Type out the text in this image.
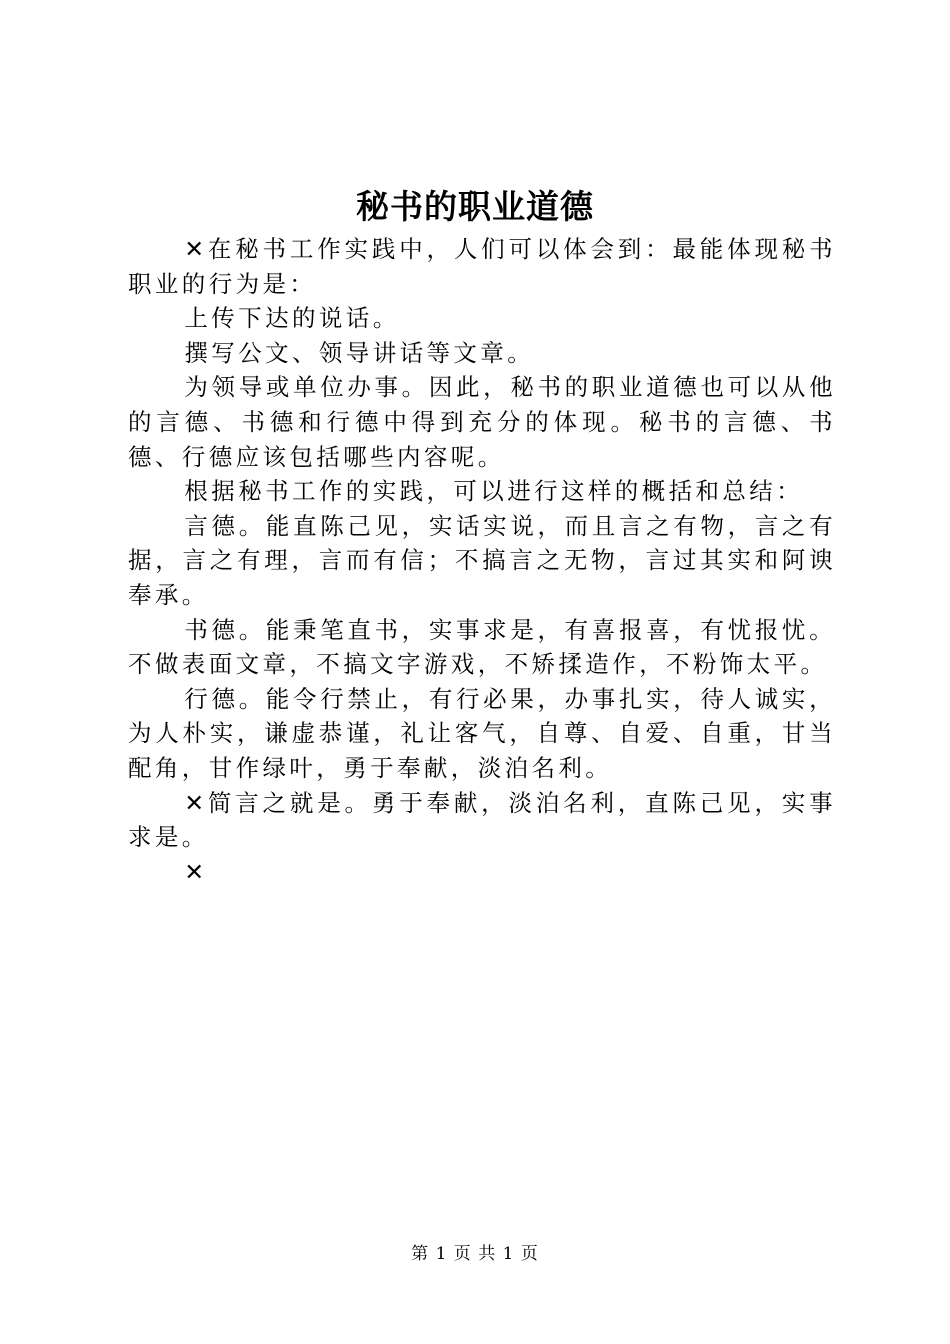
秘书的职业道德

✕在秘书工作实践中，人们可以体会到：最能体现秘书职业的行为是：

上传下达的说话。

撰写公文、领导讲话等文章。

为领导或单位办事。因此，秘书的职业道德也可以从他的言德、书德和行德中得到充分的体现。秘书的言德、书德、行德应该包括哪些内容呢。

根据秘书工作的实践，可以进行这样的概括和总结：

言德。能直陈己见，实话实说，而且言之有物，言之有据，言之有理，言而有信；不搞言之无物，言过其实和阿谀奉承。

书德。能秉笔直书，实事求是，有喜报喜，有忧报忧。不做表面文章，不搞文字游戏，不矫揉造作，不粉饰太平。

行德。能令行禁止，有行必果，办事扎实，待人诚实，为人朴实，谦虚恭谨，礼让客气，自尊、自爱、自重，甘当配角，甘作绿叶，勇于奉献，淡泊名利。

✕简言之就是。勇于奉献，淡泊名利，直陈己见，实事求是。

✕

第 1 页 共 1 页
